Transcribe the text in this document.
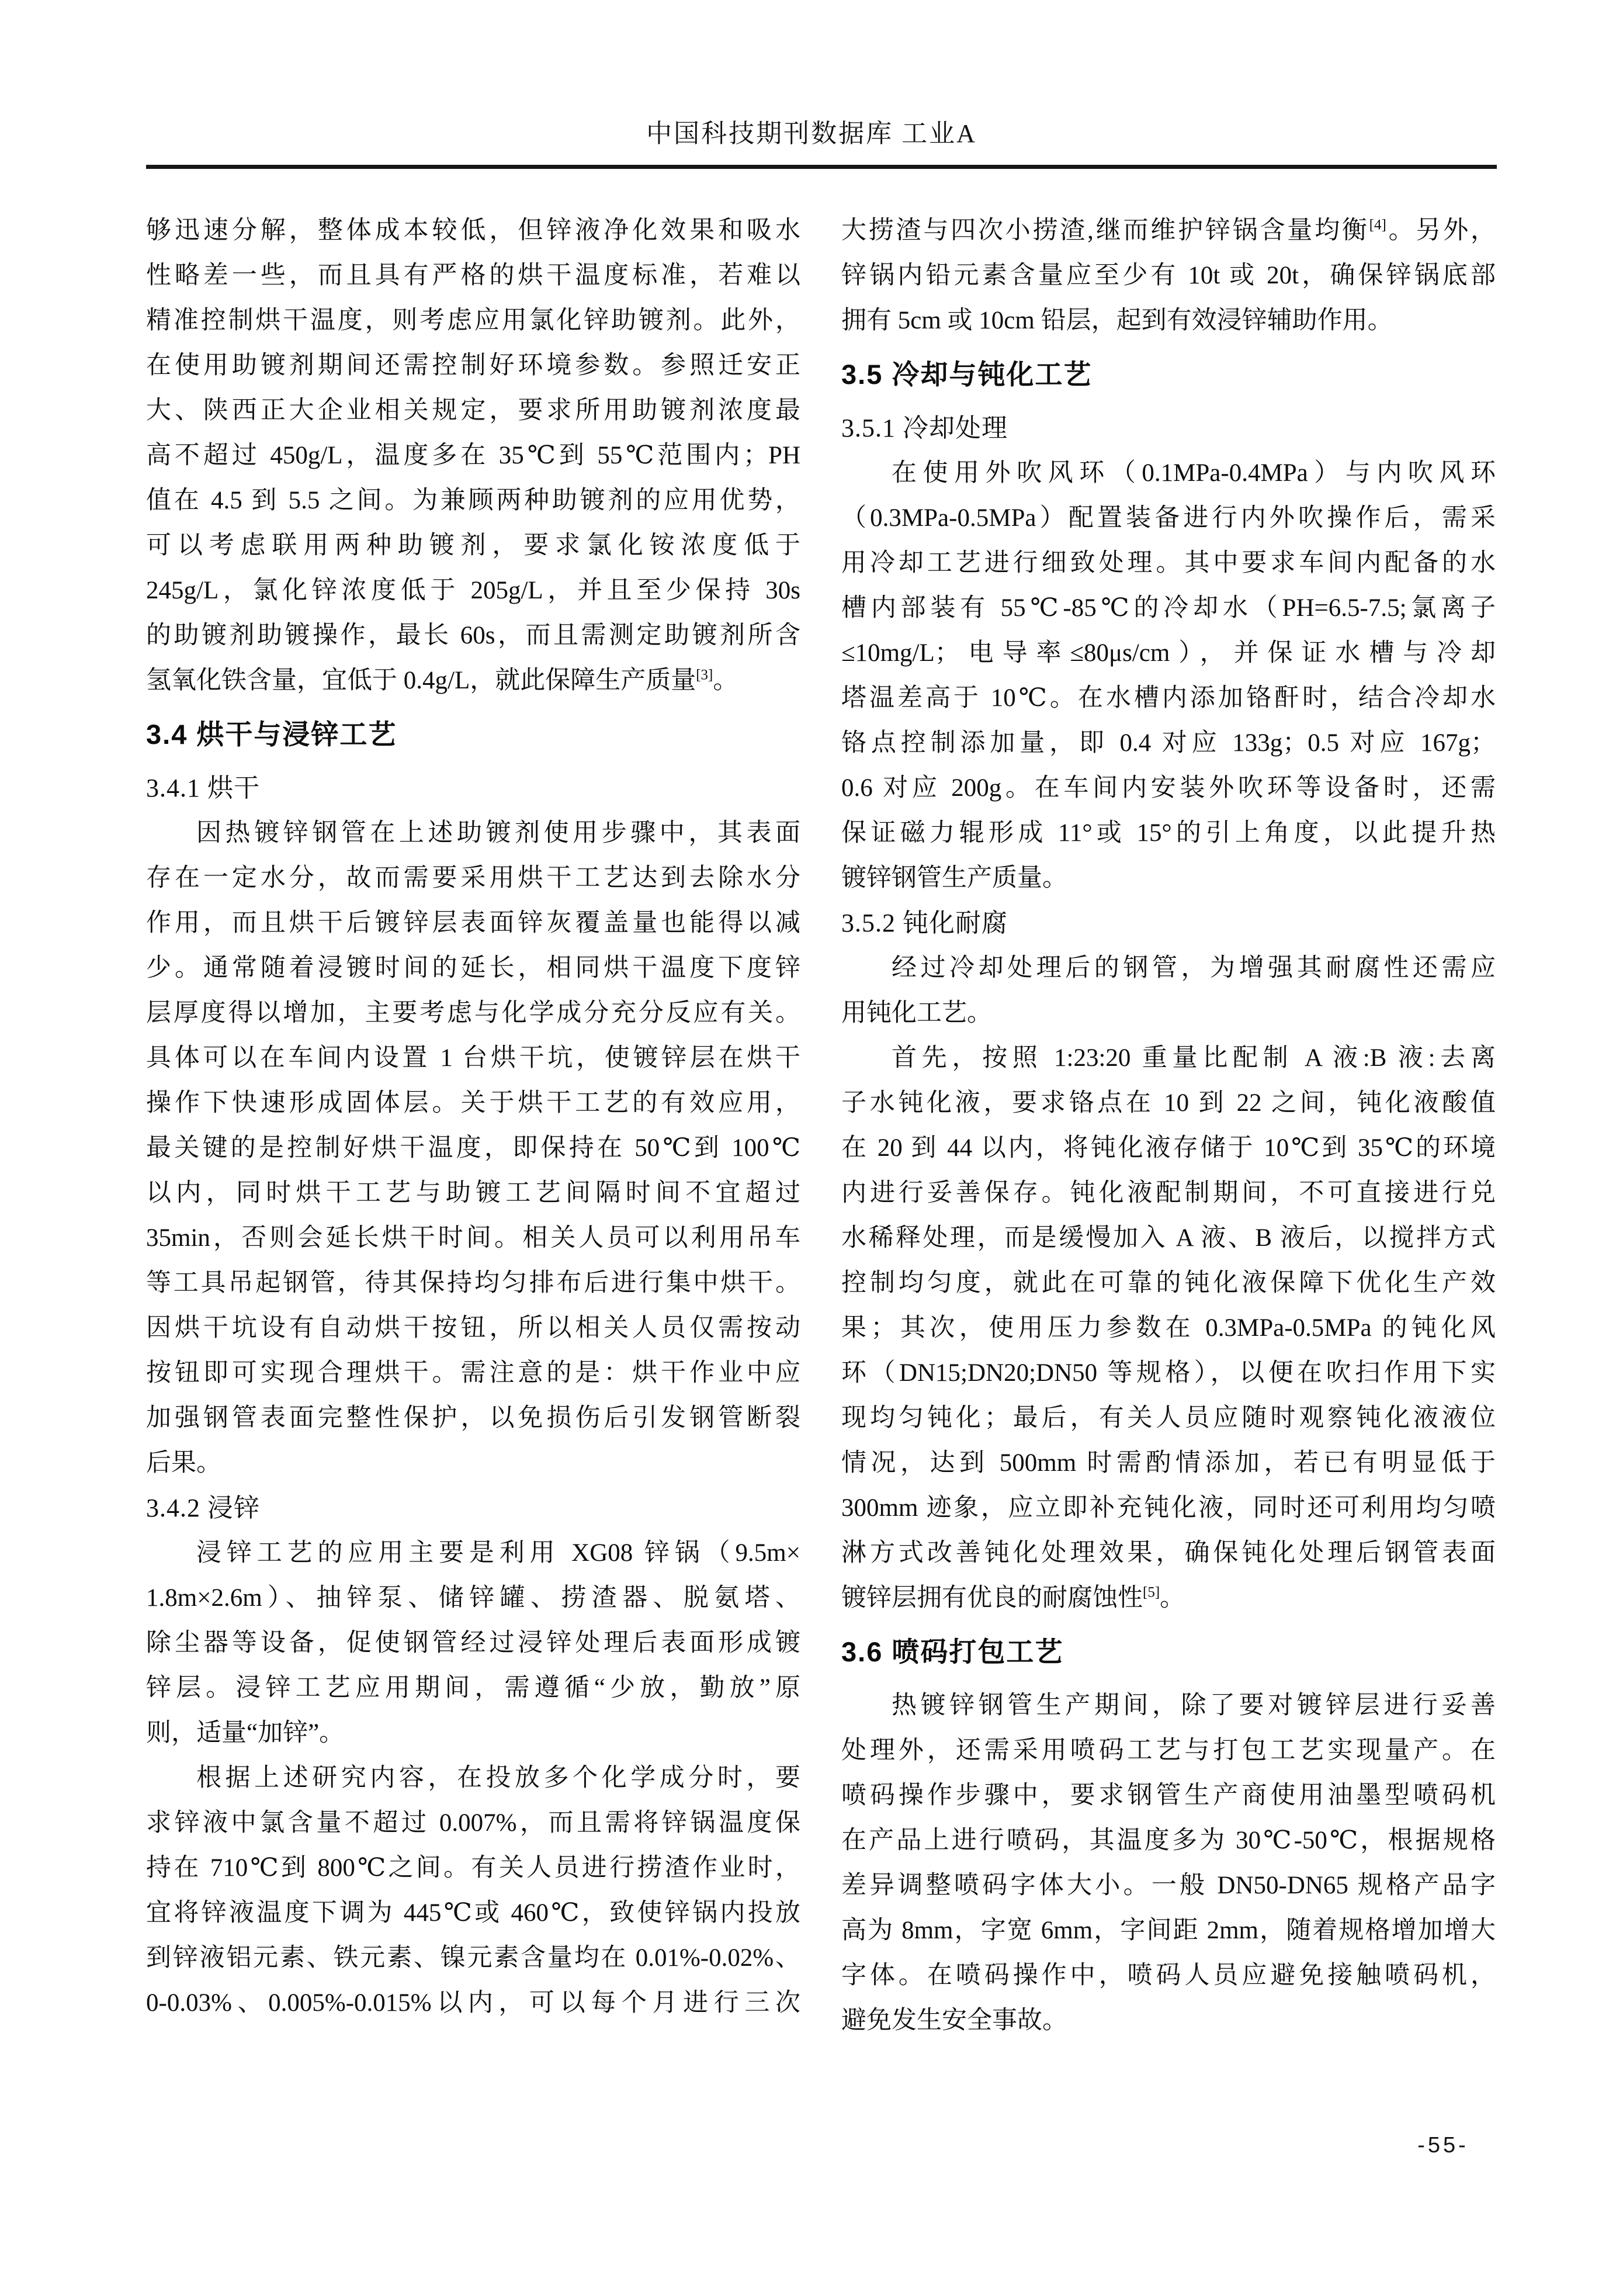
中国科技期刊数据库 工业A
够迅速分解，整体成本较低，但锌液净化效果和吸水
性略差一些，而且具有严格的烘干温度标准，若难以
精准控制烘干温度，则考虑应用氯化锌助镀剂。此外，
在使用助镀剂期间还需控制好环境参数。参照迁安正
大、陕西正大企业相关规定，要求所用助镀剂浓度最
高不超过 450g/L，温度多在 35℃到 55℃范围内；PH
值在 4.5 到 5.5 之间。为兼顾两种助镀剂的应用优势，
可以考虑联用两种助镀剂，要求氯化铵浓度低于
245g/L，氯化锌浓度低于 205g/L，并且至少保持 30s
的助镀剂助镀操作，最长 60s，而且需测定助镀剂所含
氢氧化铁含量，宜低于 0.4g/L，就此保障生产质量[3]。
3.4 烘干与浸锌工艺
3.4.1 烘干
因热镀锌钢管在上述助镀剂使用步骤中，其表面
存在一定水分，故而需要采用烘干工艺达到去除水分
作用，而且烘干后镀锌层表面锌灰覆盖量也能得以减
少。通常随着浸镀时间的延长，相同烘干温度下度锌
层厚度得以增加，主要考虑与化学成分充分反应有关。
具体可以在车间内设置 1 台烘干坑，使镀锌层在烘干
操作下快速形成固体层。关于烘干工艺的有效应用，
最关键的是控制好烘干温度，即保持在 50℃到 100℃
以内，同时烘干工艺与助镀工艺间隔时间不宜超过
35min，否则会延长烘干时间。相关人员可以利用吊车
等工具吊起钢管，待其保持均匀排布后进行集中烘干。
因烘干坑设有自动烘干按钮，所以相关人员仅需按动
按钮即可实现合理烘干。需注意的是：烘干作业中应
加强钢管表面完整性保护，以免损伤后引发钢管断裂
后果。
3.4.2 浸锌
浸锌工艺的应用主要是利用 XG08 锌锅（9.5m×
1.8m×2.6m）、抽锌泵、储锌罐、捞渣器、脱氨塔、
除尘器等设备，促使钢管经过浸锌处理后表面形成镀
锌层。浸锌工艺应用期间，需遵循“少放，勤放”原
则，适量“加锌”。
根据上述研究内容，在投放多个化学成分时，要
求锌液中氯含量不超过 0.007%，而且需将锌锅温度保
持在 710℃到 800℃之间。有关人员进行捞渣作业时，
宜将锌液温度下调为 445℃或 460℃，致使锌锅内投放
到锌液铝元素、铁元素、镍元素含量均在 0.01%-0.02%、
0-0.03%、0.005%-0.015%以内，可以每个月进行三次
大捞渣与四次小捞渣,继而维护锌锅含量均衡[4]。另外，
锌锅内铅元素含量应至少有 10t 或 20t，确保锌锅底部
拥有 5cm 或 10cm 铅层，起到有效浸锌辅助作用。
3.5 冷却与钝化工艺
3.5.1 冷却处理
在使用外吹风环（0.1MPa-0.4MPa）与内吹风环
（0.3MPa-0.5MPa）配置装备进行内外吹操作后，需采
用冷却工艺进行细致处理。其中要求车间内配备的水
槽内部装有 55℃-85℃的冷却水（PH=6.5-7.5;氯离子
≤10mg/L；电导率≤80μs/cm），并保证水槽与冷却
塔温差高于 10℃。在水槽内添加铬酐时，结合冷却水
铬点控制添加量，即 0.4 对应 133g；0.5 对应 167g；
0.6 对应 200g。在车间内安装外吹环等设备时，还需
保证磁力辊形成 11°或 15°的引上角度，以此提升热
镀锌钢管生产质量。
3.5.2 钝化耐腐
经过冷却处理后的钢管，为增强其耐腐性还需应
用钝化工艺。
首先，按照 1:23:20 重量比配制 A 液:B 液:去离
子水钝化液，要求铬点在 10 到 22 之间，钝化液酸值
在 20 到 44 以内，将钝化液存储于 10℃到 35℃的环境
内进行妥善保存。钝化液配制期间，不可直接进行兑
水稀释处理，而是缓慢加入 A 液、B 液后，以搅拌方式
控制均匀度，就此在可靠的钝化液保障下优化生产效
果；其次，使用压力参数在 0.3MPa-0.5MPa 的钝化风
环（DN15;DN20;DN50 等规格），以便在吹扫作用下实
现均匀钝化；最后，有关人员应随时观察钝化液液位
情况，达到 500mm 时需酌情添加，若已有明显低于
300mm 迹象，应立即补充钝化液，同时还可利用均匀喷
淋方式改善钝化处理效果，确保钝化处理后钢管表面
镀锌层拥有优良的耐腐蚀性[5]。
3.6 喷码打包工艺
热镀锌钢管生产期间，除了要对镀锌层进行妥善
处理外，还需采用喷码工艺与打包工艺实现量产。在
喷码操作步骤中，要求钢管生产商使用油墨型喷码机
在产品上进行喷码，其温度多为 30℃-50℃，根据规格
差异调整喷码字体大小。一般 DN50-DN65 规格产品字
高为 8mm，字宽 6mm，字间距 2mm，随着规格增加增大
字体。在喷码操作中，喷码人员应避免接触喷码机，
避免发生安全事故。
-55-
